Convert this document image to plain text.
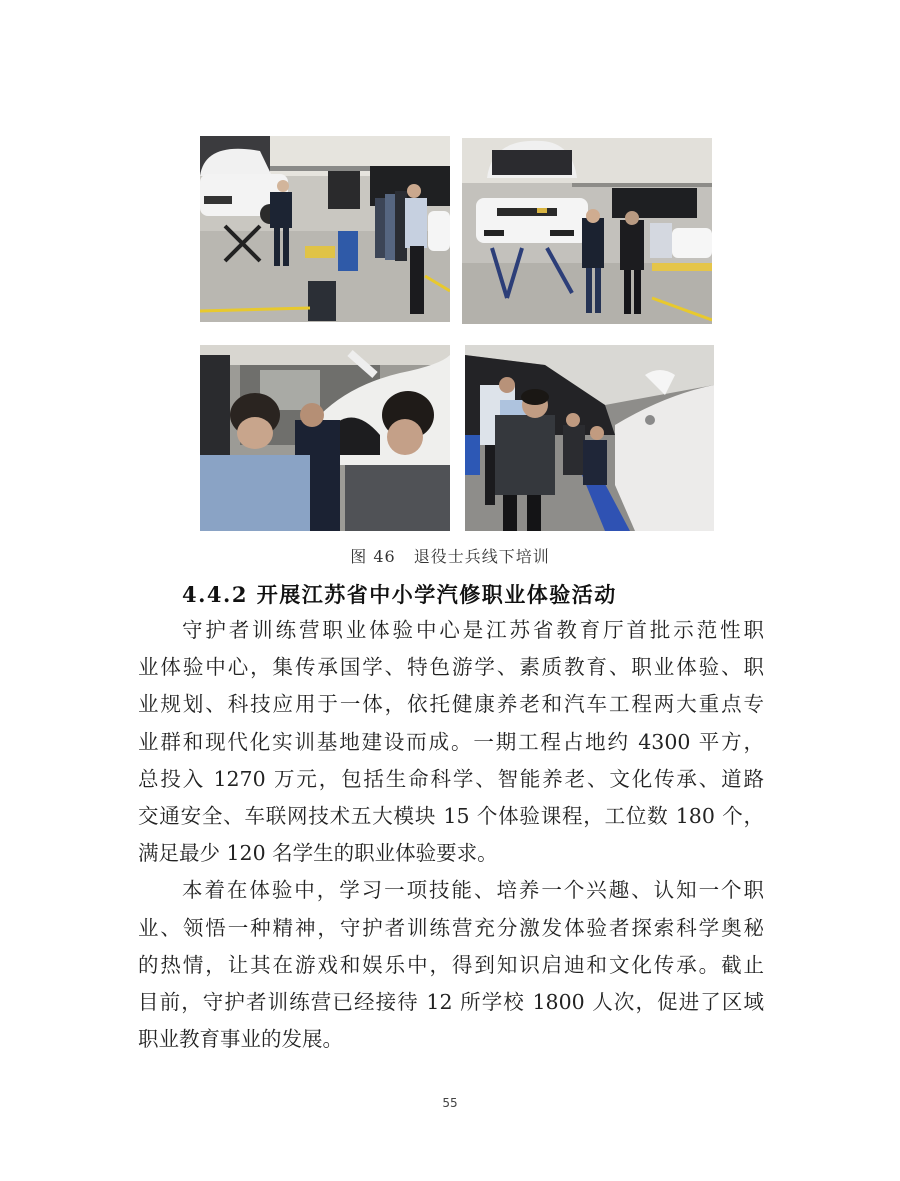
图 46 退役士兵线下培训
4.4.2 开展江苏省中小学汽修职业体验活动

守护者训练营职业体验中心是江苏省教育厅首批示范性职
业体验中心，集传承国学、特色游学、素质教育、职业体验、职
业规划、科技应用于一体，依托健康养老和汽车工程两大重点专
业群和现代化实训基地建设而成。一期工程占地约 4300 平方，
总投入 1270 万元，包括生命科学、智能养老、文化传承、道路
交通安全、车联网技术五大模块 15 个体验课程，工位数 180 个，
满足最少 120 名学生的职业体验要求。

本着在体验中，学习一项技能、培养一个兴趣、认知一个职
业、领悟一种精神，守护者训练营充分激发体验者探索科学奥秘
的热情，让其在游戏和娱乐中，得到知识启迪和文化传承。截止
目前，守护者训练营已经接待 12 所学校 1800 人次，促进了区域
职业教育事业的发展。

55
